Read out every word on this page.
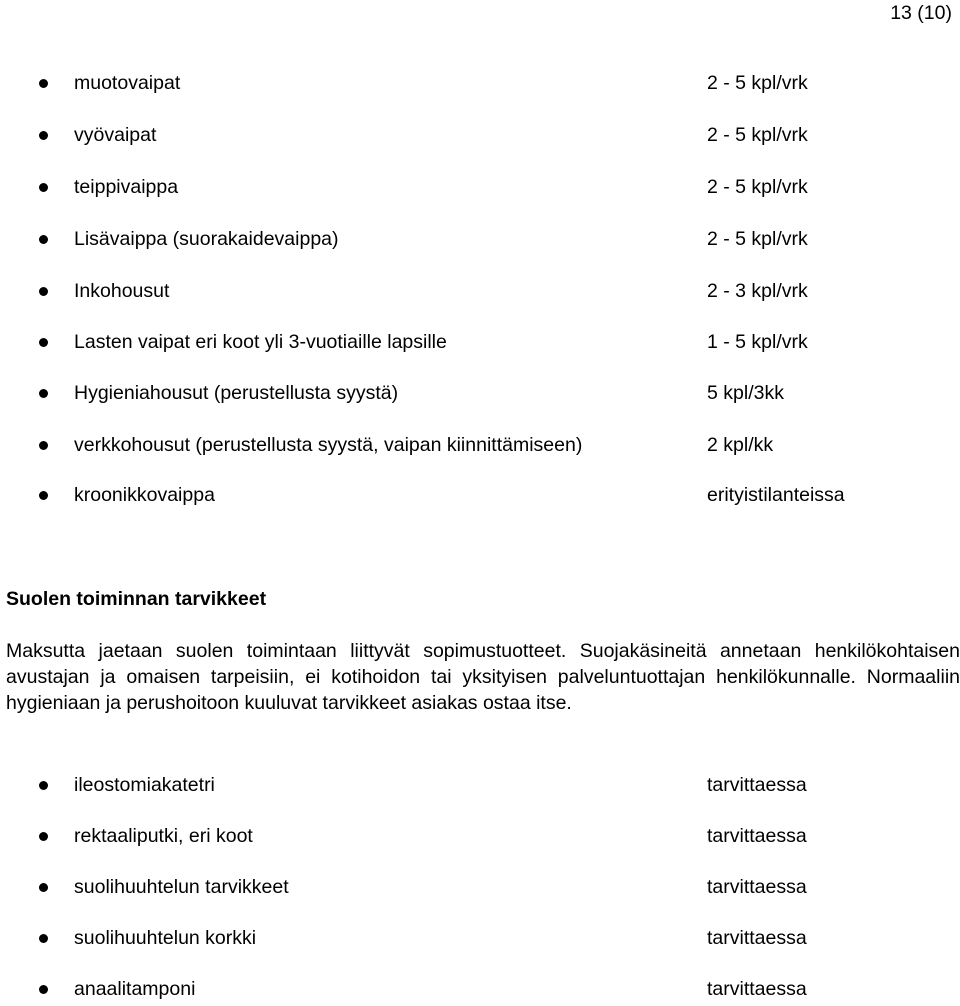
13 (10)
muotovaipat	2 - 5 kpl/vrk
vyövaipat	2 - 5 kpl/vrk
teippivaippa	2 - 5 kpl/vrk
Lisävaippa (suorakaidevaippa)	2 - 5 kpl/vrk
Inkohousut	2 - 3 kpl/vrk
Lasten vaipat eri koot yli 3-vuotiaille lapsille	1 - 5 kpl/vrk
Hygieniahousut (perustellusta syystä)	5 kpl/3kk
verkkohousut (perustellusta syystä, vaipan kiinnittämiseen)	2 kpl/kk
kroonikkovaippa	erityistilanteissa
Suolen toiminnan tarvikkeet

Maksutta jaetaan suolen toimintaan liittyvät sopimustuotteet. Suojakäsineitä annetaan henkilökohtaisen avustajan ja omaisen tarpeisiin, ei kotihoidon tai yksityisen palveluntuottajan henkilökunnalle. Normaaliin hygieniaan ja perushoitoon kuuluvat tarvikkeet asiakas ostaa itse.

ileostomiakatetri	tarvittaessa
rektaaliputki, eri koot	tarvittaessa
suolihuuhtelun tarvikkeet	tarvittaessa
suolihuuhtelun korkki	tarvittaessa
anaalitamponi	tarvittaessa
